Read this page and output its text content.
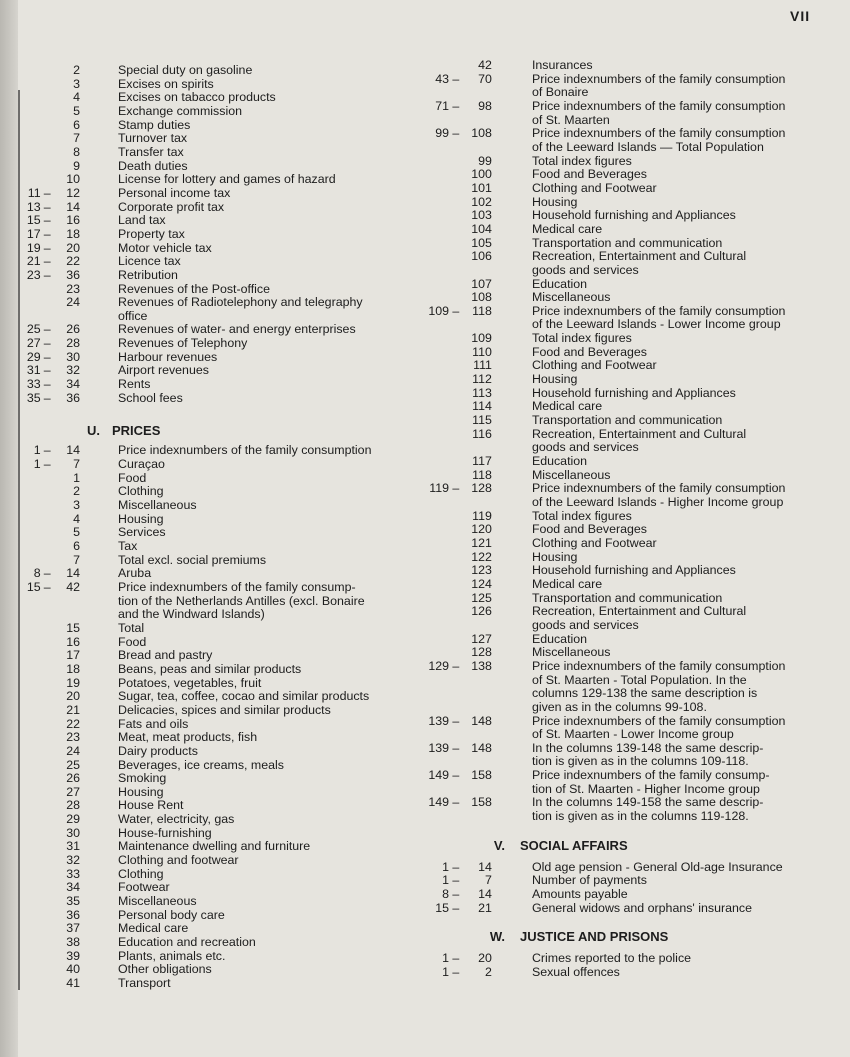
VII
2	Special duty on gasoline
3	Excises on spirits
4	Excises on tabacco products
5	Exchange commission
6	Stamp duties
7	Turnover tax
8	Transfer tax
9	Death duties
10	License for lottery and games of hazard
11 –	12	Personal income tax
13 –	14	Corporate profit tax
15 –	16	Land tax
17 –	18	Property tax
19 –	20	Motor vehicle tax
21 –	22	Licence tax
23 –	36	Retribution
23	Revenues of the Post-office
24	Revenues of Radiotelephony and telegraphy
office
25 –	26	Revenues of water- and energy enterprises
27 –	28	Revenues of Telephony
29 –	30	Harbour revenues
31 –	32	Airport revenues
33 –	34	Rents
35 –	36	School fees
U. PRICES
1 –	14	Price indexnumbers of the family consumption
1 –	7	Curaçao
1	Food
2	Clothing
3	Miscellaneous
4	Housing
5	Services
6	Tax
7	Total excl. social premiums
8 –	14	Aruba
15 –	42	Price indexnumbers of the family consump-
tion of the Netherlands Antilles (excl. Bonaire
and the Windward Islands)
15	Total
16	Food
17	Bread and pastry
18	Beans, peas and similar products
19	Potatoes, vegetables, fruit
20	Sugar, tea, coffee, cocao and similar products
21	Delicacies, spices and similar products
22	Fats and oils
23	Meat, meat products, fish
24	Dairy products
25	Beverages, ice creams, meals
26	Smoking
27	Housing
28	House Rent
29	Water, electricity, gas
30	House-furnishing
31	Maintenance dwelling and furniture
32	Clothing and footwear
33	Clothing
34	Footwear
35	Miscellaneous
36	Personal body care
37	Medical care
38	Education and recreation
39	Plants, animals etc.
40	Other obligations
41	Transport
42	Insurances
43 –	70	Price indexnumbers of the family consumption
of Bonaire
71 –	98	Price indexnumbers of the family consumption
of St. Maarten
99 – 108	Price indexnumbers of the family consumption
of the Leeward Islands — Total Population
99	Total index figures
100	Food and Beverages
101	Clothing and Footwear
102	Housing
103	Household furnishing and Appliances
104	Medical care
105	Transportation and communication
106	Recreation, Entertainment and Cultural
goods and services
107	Education
108	Miscellaneous
109 –	118	Price indexnumbers of the family consumption
of the Leeward Islands - Lower Income group
109	Total index figures
110	Food and Beverages
111	Clothing and Footwear
112	Housing
113	Household furnishing and Appliances
114	Medical care
115	Transportation and communication
116	Recreation, Entertainment and Cultural
goods and services
117	Education
118	Miscellaneous
119 – 128	Price indexnumbers of the family consumption
of the Leeward Islands - Higher Income group
119	Total index figures
120	Food and Beverages
121	Clothing and Footwear
122	Housing
123	Household furnishing and Appliances
124	Medical care
125	Transportation and communication
126	Recreation, Entertainment and Cultural
goods and services
127	Education
128	Miscellaneous
129 – 138	Price indexnumbers of the family consumption
of St. Maarten - Total Population. In the
columns 129-138 the same description is
given as in the columns 99-108.
139 – 148	Price indexnumbers of the family consumption
of St. Maarten - Lower Income group
139 – 148	In the columns 139-148 the same descrip-
tion is given as in the columns 109-118.
149 – 158	Price indexnumbers of the family consump-
tion of St. Maarten - Higher Income group
149 – 158	In the columns 149-158 the same descrip-
tion is given as in the columns 119-128.
V. SOCIAL AFFAIRS
1 –	14	Old age pension - General Old-age Insurance
1 –	7	Number of payments
8 –	14	Amounts payable
15 –	21	General widows and orphans' insurance
W. JUSTICE AND PRISONS
1 –	20	Crimes reported to the police
1 –	2	Sexual offences
